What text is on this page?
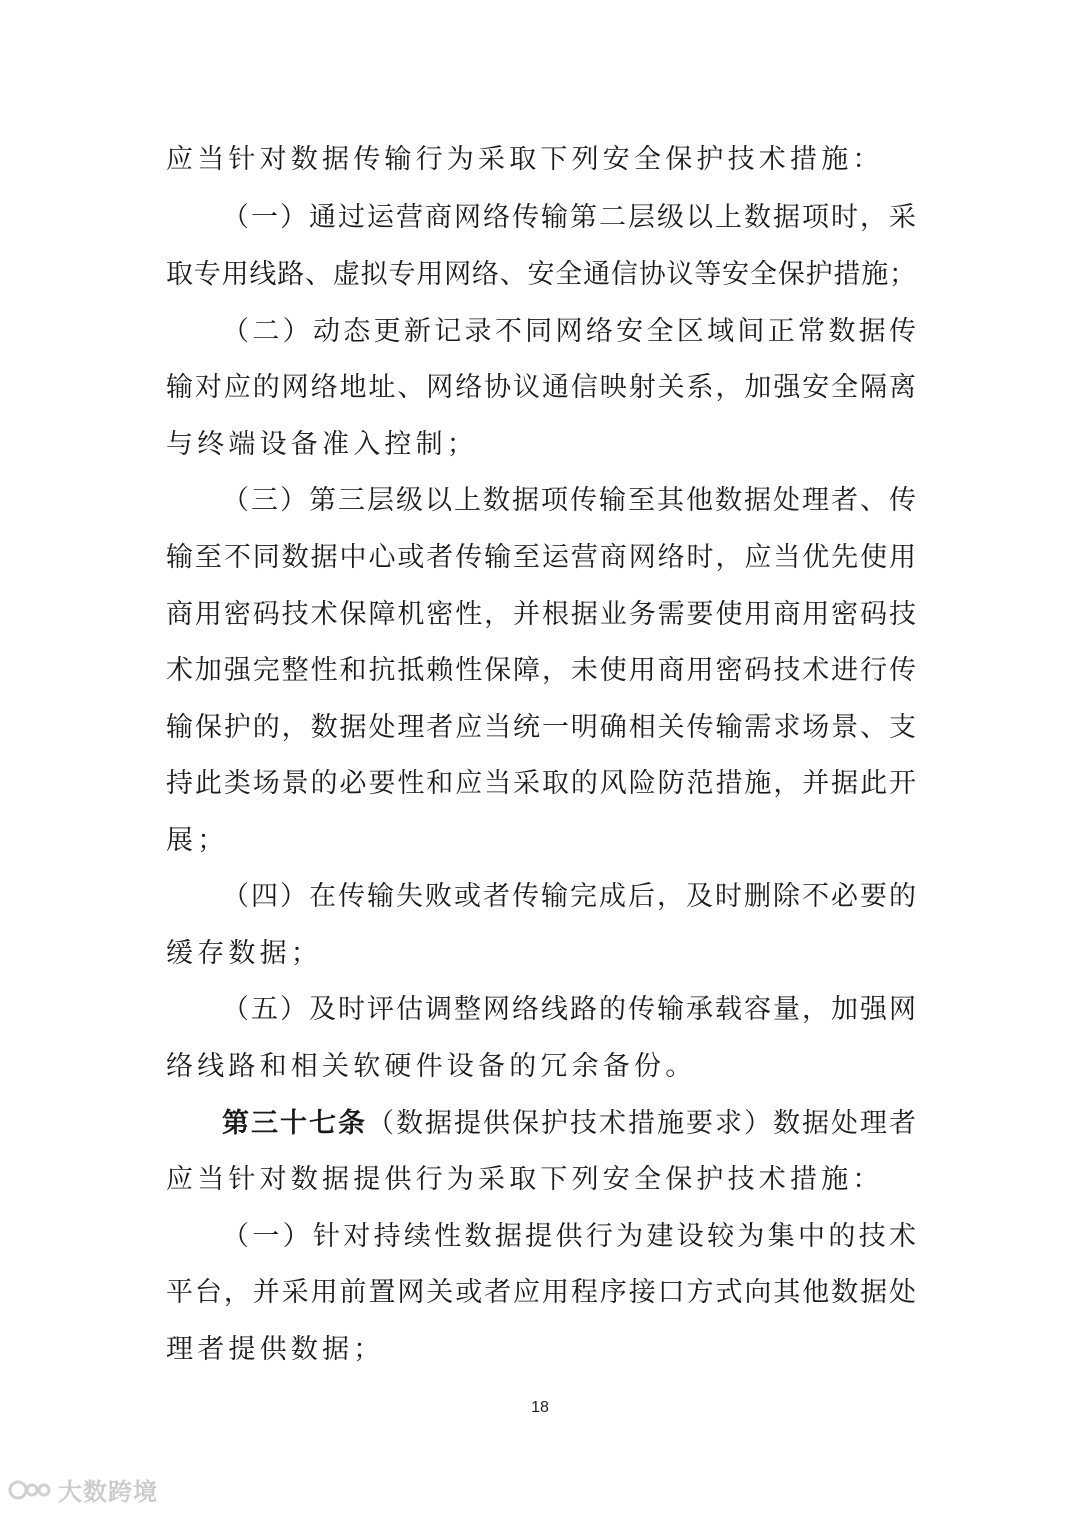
应当针对数据传输行为采取下列安全保护技术措施：
（一）通过运营商网络传输第二层级以上数据项时，采
取专用线路、虚拟专用网络、安全通信协议等安全保护措施；
（二）动态更新记录不同网络安全区域间正常数据传
输对应的网络地址、网络协议通信映射关系，加强安全隔离
与终端设备准入控制；
（三）第三层级以上数据项传输至其他数据处理者、传
输至不同数据中心或者传输至运营商网络时，应当优先使用
商用密码技术保障机密性，并根据业务需要使用商用密码技
术加强完整性和抗抵赖性保障，未使用商用密码技术进行传
输保护的，数据处理者应当统一明确相关传输需求场景、支
持此类场景的必要性和应当采取的风险防范措施，并据此开
展；
（四）在传输失败或者传输完成后，及时删除不必要的
缓存数据；
（五）及时评估调整网络线路的传输承载容量，加强网
络线路和相关软硬件设备的冗余备份。
第三十七条（数据提供保护技术措施要求）数据处理者
应当针对数据提供行为采取下列安全保护技术措施：
（一）针对持续性数据提供行为建设较为集中的技术
平台，并采用前置网关或者应用程序接口方式向其他数据处
理者提供数据；
18
大数跨境
